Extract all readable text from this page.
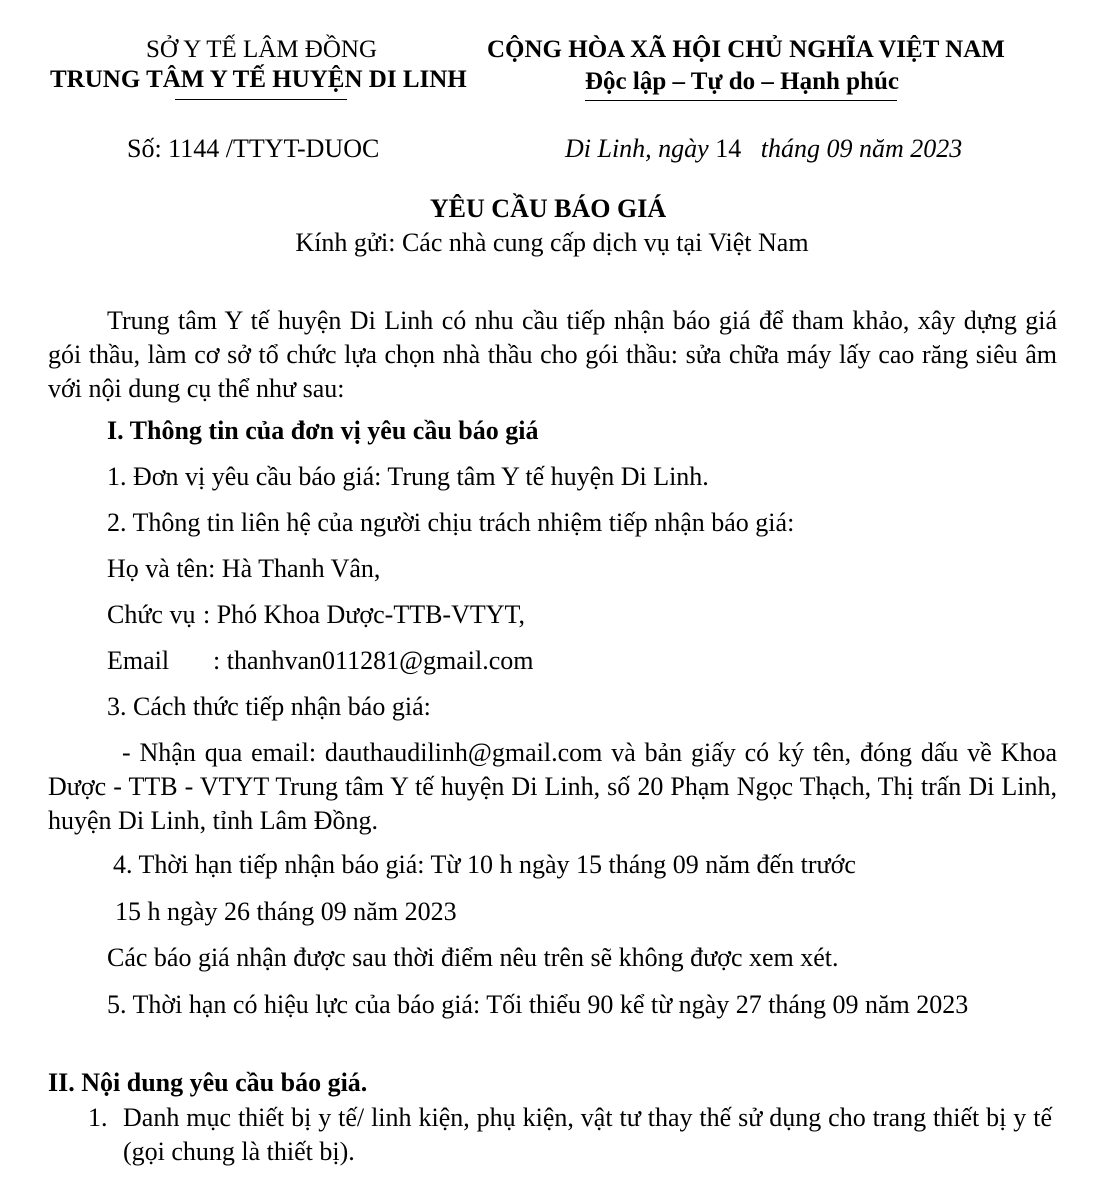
SỞ Y TẾ LÂM ĐỒNG
TRUNG TÂM Y TẾ HUYỆN DI LINH
CỘNG HÒA XÃ HỘI CHỦ NGHĨA VIỆT NAM
Độc lập – Tự do – Hạnh phúc
Số: 1144 /TTYT-DUOC	Di Linh, ngày 14 tháng 09 năm 2023
YÊU CẦU BÁO GIÁ
Kính gửi: Các nhà cung cấp dịch vụ tại Việt Nam
Trung tâm Y tế huyện Di Linh có nhu cầu tiếp nhận báo giá để tham khảo, xây dựng giá gói thầu, làm cơ sở tổ chức lựa chọn nhà thầu cho gói thầu: sửa chữa máy lấy cao răng siêu âm với nội dung cụ thể như sau:
I. Thông tin của đơn vị yêu cầu báo giá
1. Đơn vị yêu cầu báo giá: Trung tâm Y tế huyện Di Linh.
2. Thông tin liên hệ của người chịu trách nhiệm tiếp nhận báo giá:
Họ và tên: Hà Thanh Vân,
Chức vụ : Phó Khoa Dược-TTB-VTYT,
Email : thanhvan011281@gmail.com
3. Cách thức tiếp nhận báo giá:
- Nhận qua email: dauthaudilinh@gmail.com và bản giấy có ký tên, đóng dấu về Khoa Dược - TTB - VTYT Trung tâm Y tế huyện Di Linh, số 20 Phạm Ngọc Thạch, Thị trấn Di Linh, huyện Di Linh, tỉnh Lâm Đồng.
4. Thời hạn tiếp nhận báo giá: Từ 10 h ngày 15 tháng 09 năm đến trước
15 h ngày 26 tháng 09 năm 2023
Các báo giá nhận được sau thời điểm nêu trên sẽ không được xem xét.
5. Thời hạn có hiệu lực của báo giá: Tối thiểu 90 kể từ ngày 27 tháng 09 năm 2023
II. Nội dung yêu cầu báo giá.
1. Danh mục thiết bị y tế/ linh kiện, phụ kiện, vật tư thay thế sử dụng cho trang thiết bị y tế (gọi chung là thiết bị).
